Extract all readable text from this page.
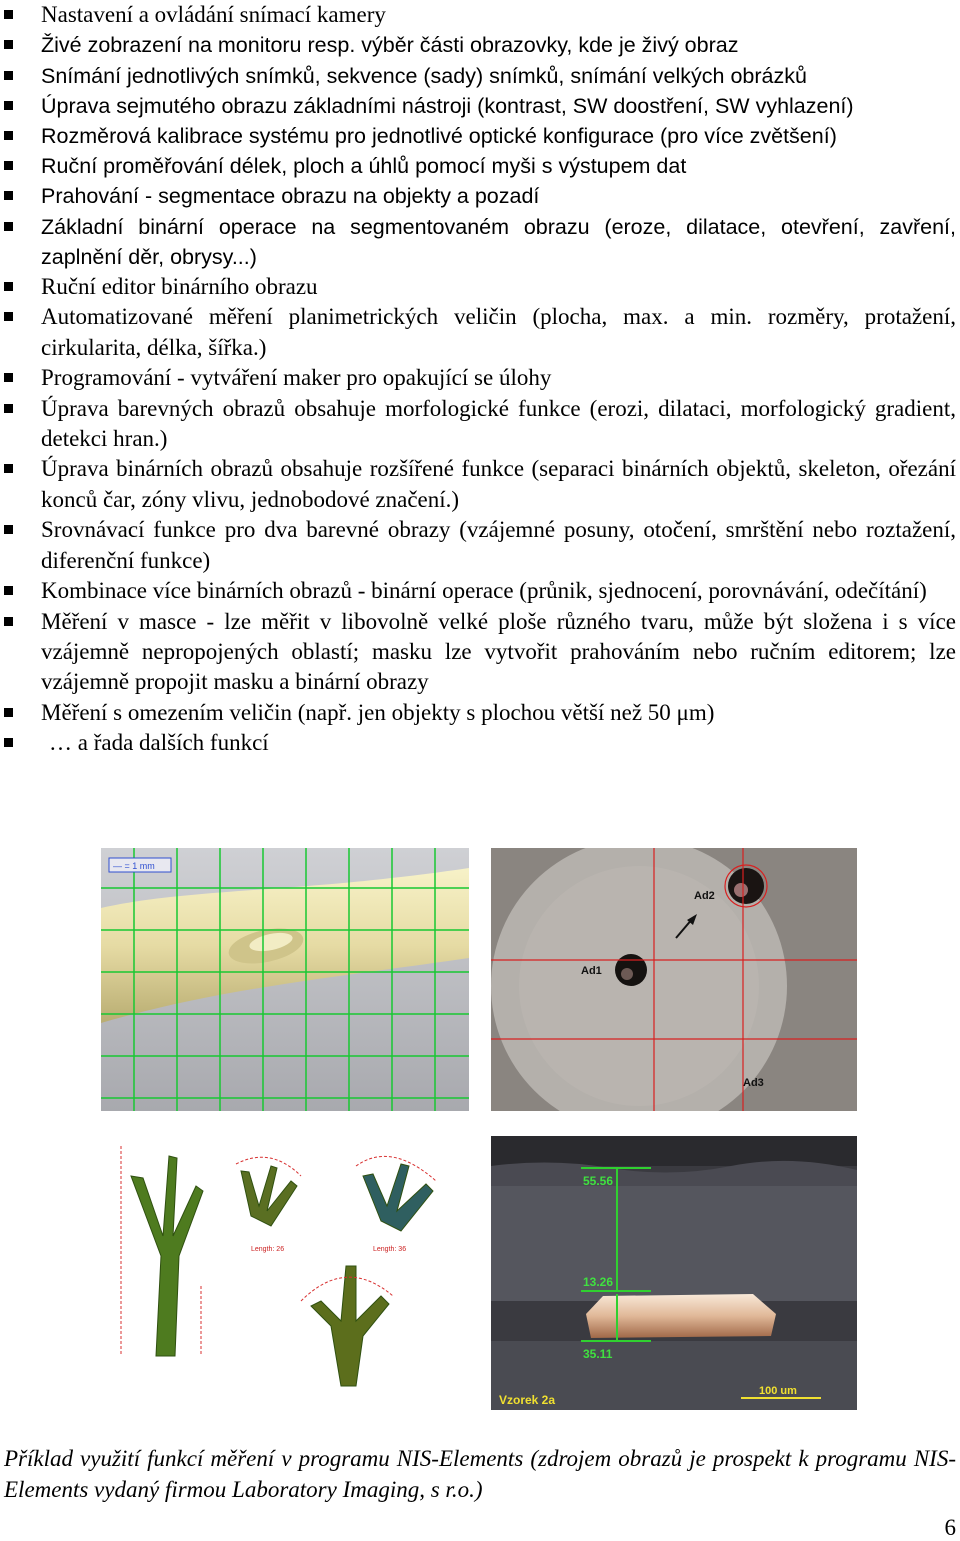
Nastavení a ovládání snímací kamery
Živé zobrazení na monitoru resp. výběr části obrazovky, kde je živý obraz
Snímání jednotlivých snímků, sekvence (sady) snímků, snímání velkých obrázků
Úprava sejmutého obrazu základními nástroji (kontrast, SW doostření, SW vyhlazení)
Rozměrová kalibrace systému pro jednotlivé optické konfigurace (pro více zvětšení)
Ruční proměřování délek, ploch a úhlů pomocí myši s výstupem dat
Prahování - segmentace obrazu na objekty a pozadí
Základní binární operace na segmentovaném obrazu (eroze, dilatace, otevření, zavření, zaplnění děr, obrysy...)
Ruční editor binárního obrazu
Automatizované měření planimetrických veličin (plocha, max. a min. rozměry, protažení, cirkularita, délka, šířka.)
Programování - vytváření maker pro opakující se úlohy
Úprava barevných obrazů obsahuje morfologické funkce (erozi, dilataci, morfologický gradient, detekci hran.)
Úprava binárních obrazů obsahuje rozšířené funkce (separaci binárních objektů, skeleton, ořezání konců čar, zóny vlivu, jednobodové značení.)
Srovnávací funkce pro dva barevné obrazy (vzájemné posuny, otočení, smrštění nebo roztažení, diferenční funkce)
Kombinace více binárních obrazů - binární operace (průnik, sjednocení, porovnávání, odečítání)
Měření v masce - lze měřit v libovolně velké ploše různého tvaru, může být složena i s více vzájemně nepropojených oblastí; masku lze vytvořit prahováním nebo ručním editorem; lze vzájemně propojit masku a binární obrazy
Měření s omezením veličin (např. jen objekty s plochou větší než 50 μm)
… a řada dalších funkcí
— = 1 mm
Ad2
Ad1
Ad3
Length: 26	Length: 36
55.56
13.26
35.11
Vzorek 2a
100 um

Příklad využití funkcí měření v programu NIS-Elements (zdrojem obrazů je prospekt k programu NIS-Elements vydaný firmou Laboratory Imaging, s r.o.)

6
